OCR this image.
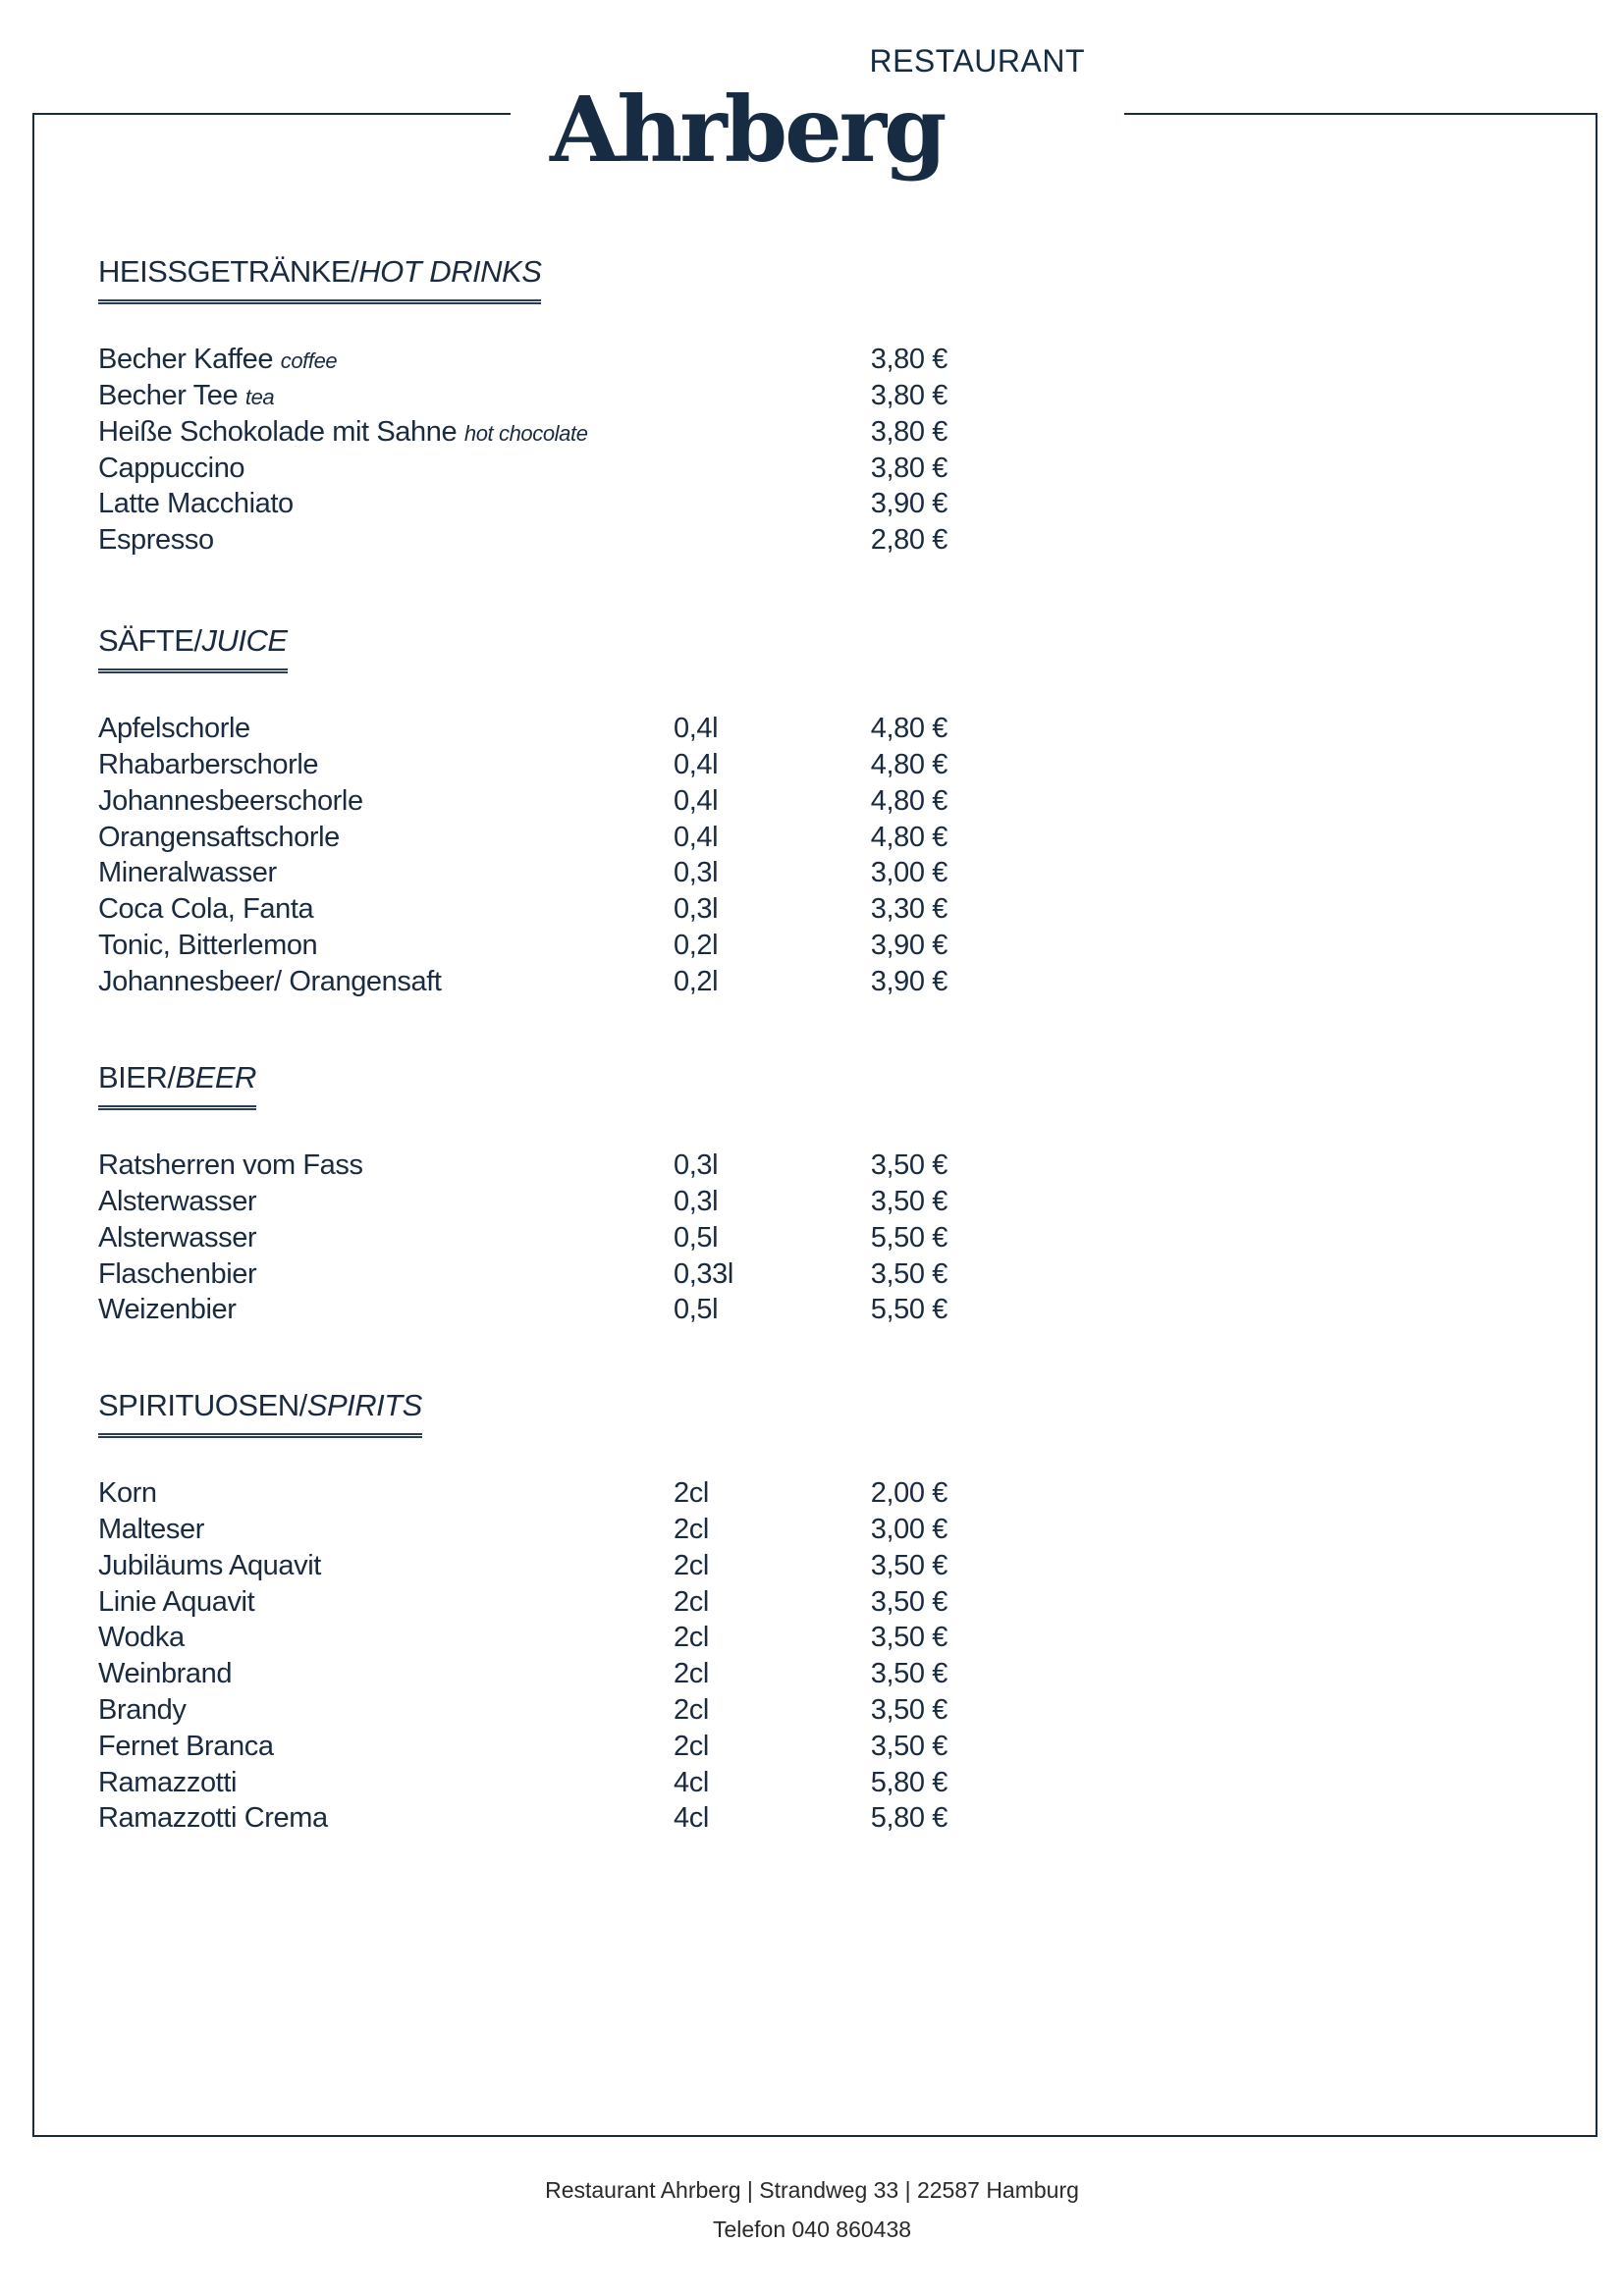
RESTAURANT
Ahrberg
HEISSGETRÄNKE/HOT DRINKS
Becher Kaffee coffee	3,80 €
Becher Tee tea	3,80 €
Heiße Schokolade mit Sahne hot chocolate	3,80 €
Cappuccino	3,80 €
Latte Macchiato	3,90 €
Espresso	2,80 €
SÄFTE/JUICE
Apfelschorle	0,4l	4,80 €
Rhabarberschorle	0,4l	4,80 €
Johannesbeerschorle	0,4l	4,80 €
Orangensaftschorle	0,4l	4,80 €
Mineralwasser	0,3l	3,00 €
Coca Cola, Fanta	0,3l	3,30 €
Tonic, Bitterlemon	0,2l	3,90 €
Johannesbeer/ Orangensaft	0,2l	3,90 €
BIER/BEER
Ratsherren vom Fass	0,3l	3,50 €
Alsterwasser	0,3l	3,50 €
Alsterwasser	0,5l	5,50 €
Flaschenbier	0,33l	3,50 €
Weizenbier	0,5l	5,50 €
SPIRITUOSEN/SPIRITS
Korn	2cl	2,00 €
Malteser	2cl	3,00 €
Jubiläums Aquavit	2cl	3,50 €
Linie Aquavit	2cl	3,50 €
Wodka	2cl	3,50 €
Weinbrand	2cl	3,50 €
Brandy	2cl	3,50 €
Fernet Branca	2cl	3,50 €
Ramazzotti	4cl	5,80 €
Ramazzotti Crema	4cl	5,80 €
Restaurant Ahrberg | Strandweg 33 | 22587 Hamburg
Telefon 040 860438
